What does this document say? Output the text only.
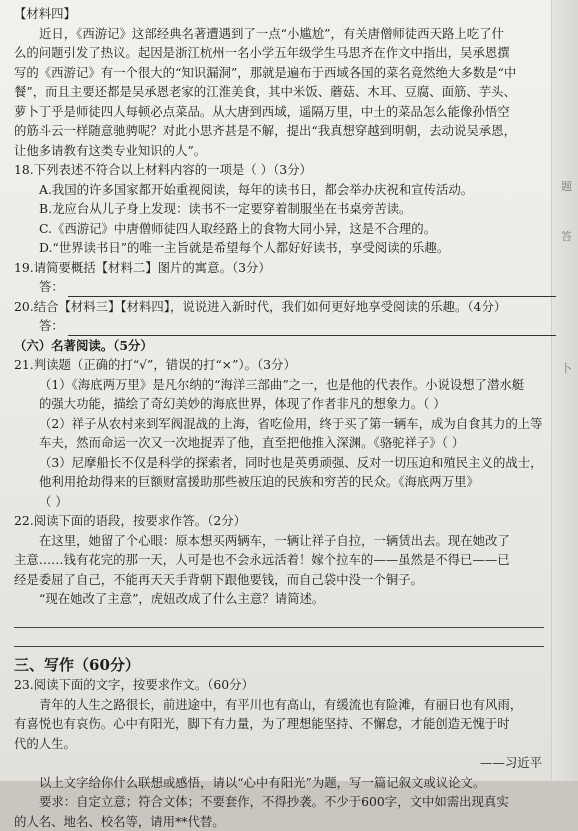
题
答
卜
【材料四】
近日，《西游记》这部经典名著遭遇到了一点“小尴尬”，有关唐僧师徒西天路上吃了什
么的问题引发了热议。起因是浙江杭州一名小学五年级学生马思齐在作文中指出，吴承恩撰
写的《西游记》有一个很大的“知识漏洞”，那就是遍布于西域各国的菜名竟然绝大多数是“中
餐”，而且主要还都是吴承恩老家的江淮美食，其中米饭、蘑菇、木耳、豆腐、面筋、芋头、
萝卜丁乎是师徒四人每顿必点菜品。从大唐到西域，遥隔万里，中土的菜品怎么能像孙悟空
的筋斗云一样随意驰骋呢？对此小思齐甚是不解，提出“我真想穿越到明朝，去动说吴承恩，
让他多请教有这类专业知识的人”。
18.下列表述不符合以上材料内容的一项是（ ）（3分）
A.我国的许多国家都开始重视阅读，每年的读书日，都会举办庆祝和宣传活动。
B.龙应台从儿子身上发现：读书不一定要穿着制服坐在书桌旁苦读。
C.《西游记》中唐僧师徒四人取经路上的食物大同小异，这是不合理的。
D.“世界读书日”的唯一主旨就是希望每个人都好好读书，享受阅读的乐趣。
19.请简要概括【材料二】图片的寓意。（3分）
答：
20.结合【材料三】【材料四】，说说进入新时代，我们如何更好地享受阅读的乐趣。（4分）
答：
（六）名著阅读。（5分）
21.判读题（正确的打“√”，错误的打“×”）。（3分）
（1）《海底两万里》是凡尔纳的“海洋三部曲”之一，也是他的代表作。小说设想了潜水艇
的强大功能，描绘了奇幻美妙的海底世界，体现了作者非凡的想象力。（ ）
（2）祥子从农村来到军阀混战的上海，省吃俭用，终于买了第一辆车，成为自食其力的上等
车夫，然而命运一次又一次地捉弄了他，直至把他推入深渊。《骆驼祥子》（ ）
（3）尼摩船长不仅是科学的探索者，同时也是英勇顽强、反对一切压迫和殖民主义的战士，
他利用抢劫得来的巨额财富援助那些被压迫的民族和穷苦的民众。《海底两万里》
（ ）
22.阅读下面的语段，按要求作答。（2分）
在这里，她留了个心眼：原本想买两辆车，一辆让祥子自拉，一辆赁出去。现在她改了
主意……钱有花完的那一天，人可是也不会永远活着！嫁个拉车的——虽然是不得已——已
经是委屈了自己，不能再天天手背朝下跟他要钱，而自己袋中没一个铜子。
“现在她改了主意”，虎妞改成了什么主意？请简述。
三、写作（60分）
23.阅读下面的文字，按要求作文。（60分）
青年的人生之路很长，前进途中，有平川也有高山，有缓流也有险滩，有丽日也有风雨，
有喜悦也有哀伤。心中有阳光，脚下有力量，为了理想能坚持、不懈怠，才能创造无愧于时
代的人生。
——习近平
以上文字给你什么联想或感悟，请以“心中有阳光”为题，写一篇记叙文或议论文。
要求：自定立意；符合文体；不要套作，不得抄袭。不少于600字，文中如需出现真实
的人名、地名、校名等，请用**代替。
